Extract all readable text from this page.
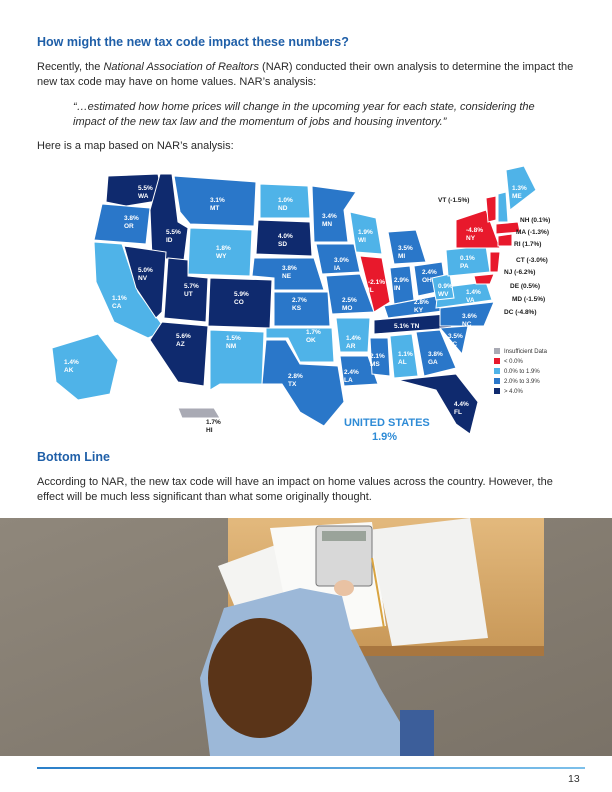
How might the new tax code impact these numbers?
Recently, the National Association of Realtors (NAR) conducted their own analysis to determine the impact the new tax code may have on home values. NAR’s analysis:
“…estimated how home prices will change in the upcoming year for each state, considering the impact of the new tax law and the momentum of jobs and housing inventory.”
Here is a map based on NAR’s analysis:
5.5% WA
3.8% OR
5.5% ID
3.1% MT
1.8% WY
1.0% ND
4.0% SD
3.8% NE
3.4% MN
1.9% WI
3.5% MI
5.0% NV
5.7% UT	5.9% CO
1.1% CA
5.6% AZ
1.5% NM
2.7% KS
1.7% OK
2.8% TX
3.0% IA
2.5% MO
1.4% AR
2.4% LA
-2.1% IL
2.9% IN
2.4% OH
2.8% KY
5.1% TN
2.1% MS
1.1% AL
3.8% GA
4.4% FL
3.5% SC
3.6% NC
1.4% VA
0.9% WV
0.1% PA
-4.8% NY
1.3% ME
1.4% AK
VT (-1.5%)
NH (0.1%)
MA (-1.3%)
RI (1.7%)
CT (-3.0%)
NJ (-6.2%)
DE (0.5%)
MD (-1.5%)
DC (-4.8%)
1.7% HI
Insufficient Data
< 0.0%
0.0% to 1.9%
2.0% to 3.9%
> 4.0%
UNITED STATES
1.9%
Bottom Line
According to NAR, the new tax code will have an impact on home values across the country. However, the effect will be much less significant than what some originally thought.
13
